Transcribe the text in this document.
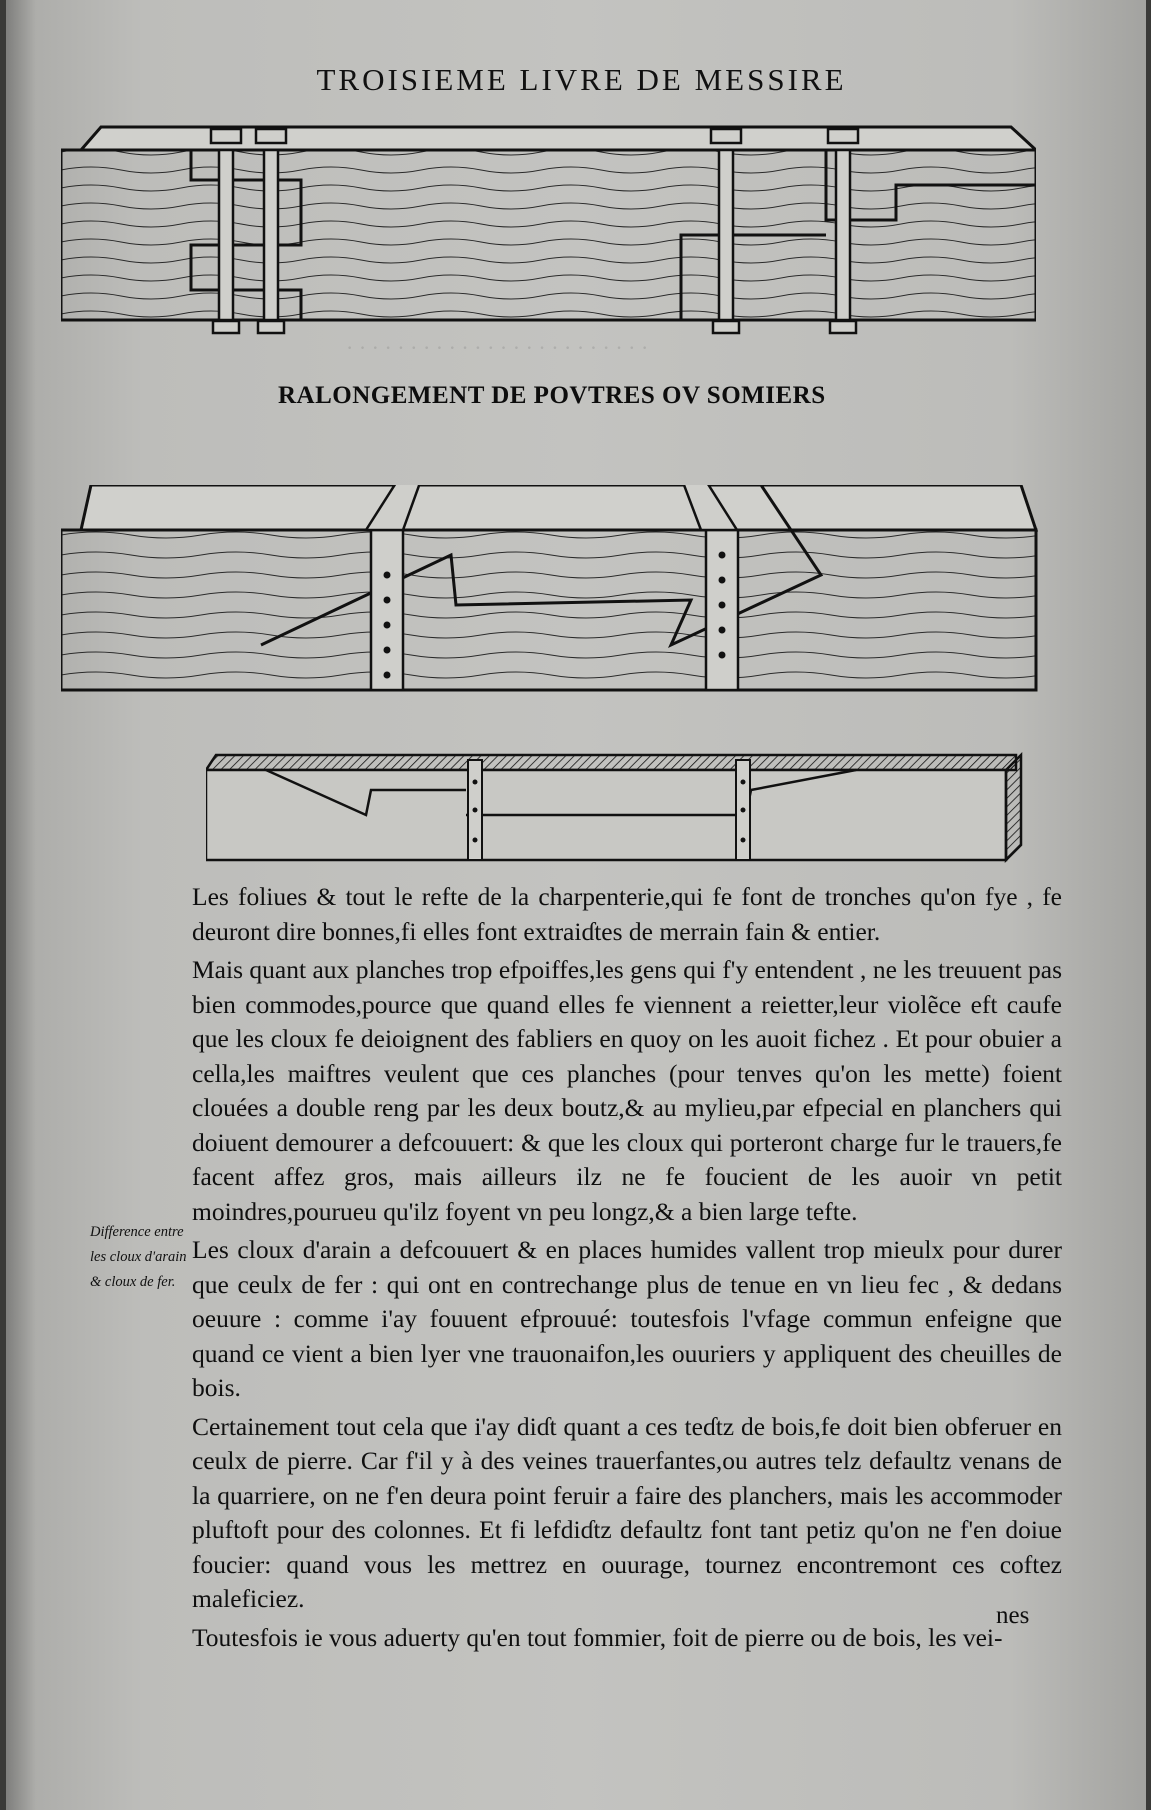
· · · · · · · · · · · · · · · · · · · · · · · ·
TROISIEME LIVRE DE MESSIRE
RALONGEMENT DE POVTRES OV SOMIERS
Difference entre les cloux d'arain & cloux de fer.

Les foliues & tout le refte de la charpenterie,qui fe font de tronches qu'on fye , fe deuront dire bonnes,fi elles font extraiɗtes de merrain fain & entier.

Mais quant aux planches trop efpoiffes,les gens qui f'y entendent , ne les treuuent pas bien commodes,pource que quand elles fe viennent a reietter,leur violẽce eft caufe que les cloux fe deioignent des fabliers en quoy on les auoit fichez . Et pour obuier a cella,les maiftres veulent que ces planches (pour tenves qu'on les mette) foient clouées a double reng par les deux boutz,& au mylieu,par efpecial en planchers qui doiuent demourer a defcouuert: & que les cloux qui porteront charge fur le trauers,fe facent affez gros, mais ailleurs ilz ne fe foucient de les auoir vn petit moindres,pourueu qu'ilz foyent vn peu longz,& a bien large tefte.

Les cloux d'arain a defcouuert & en places humides vallent trop mieulx pour durer que ceulx de fer : qui ont en contrechange plus de tenue en vn lieu fec , & dedans oeuure : comme i'ay fouuent efprouué: toutesfois l'vfage commun enfeigne que quand ce vient a bien lyer vne trauonaifon,les ouuriers y appliquent des cheuilles de bois.

Certainement tout cela que i'ay diɗt quant a ces teɗtz de bois,fe doit bien obferuer en ceulx de pierre. Car f'il y à des veines trauerfantes,ou autres telz defaultz venans de la quarriere, on ne f'en deura point feruir a faire des planchers, mais les accommoder pluftoft pour des colonnes. Et fi lefdiɗtz defaultz font tant petiz qu'on ne f'en doiue foucier: quand vous les mettrez en ouurage, tournez encontremont ces coftez maleficiez.

Toutesfois ie vous aduerty qu'en tout fommier, foit de pierre ou de bois, les vei-

nes
